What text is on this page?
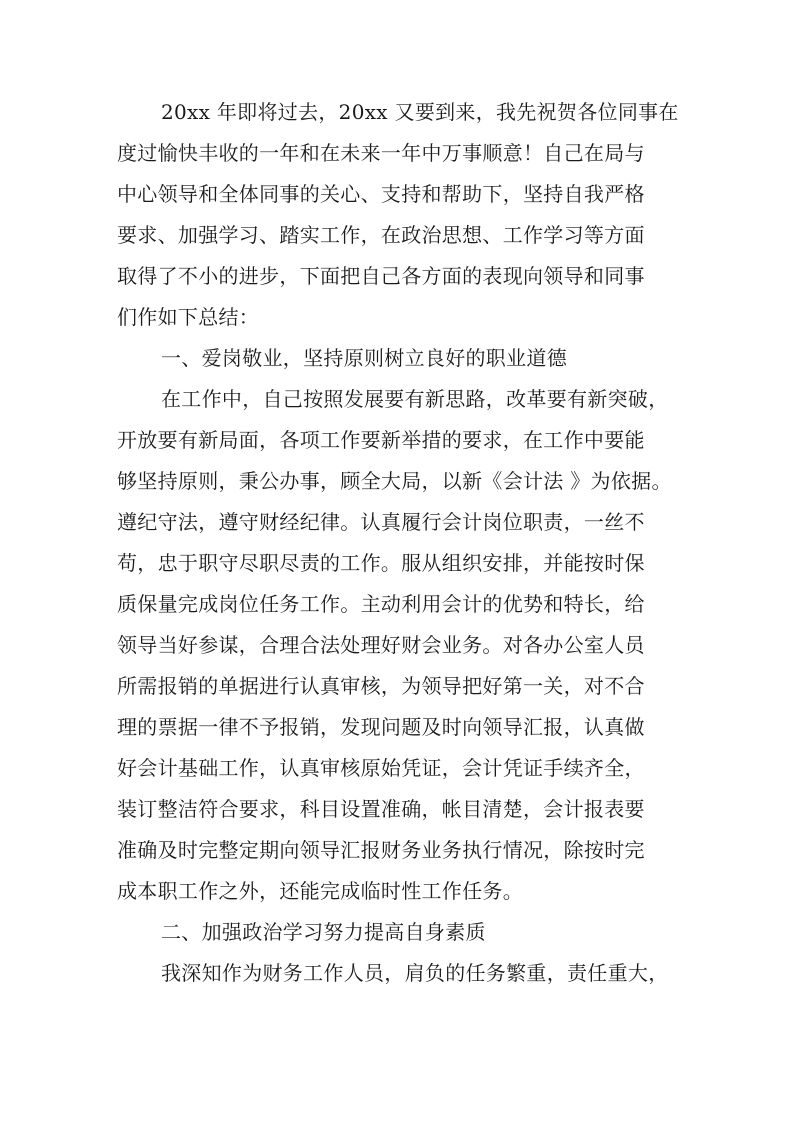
20xx 年即将过去，20xx 又要到来，我先祝贺各位同事在
度过愉快丰收的一年和在未来一年中万事顺意！自己在局与
中心领导和全体同事的关心、支持和帮助下，坚持自我严格
要求、加强学习、踏实工作，在政治思想、工作学习等方面
取得了不小的进步，下面把自己各方面的表现向领导和同事
们作如下总结：
一、爱岗敬业，坚持原则树立良好的职业道德
在工作中，自己按照发展要有新思路，改革要有新突破，
开放要有新局面，各项工作要新举措的要求，在工作中要能
够坚持原则，秉公办事，顾全大局，以新《会计法 》为依据。
遵纪守法，遵守财经纪律。认真履行会计岗位职责，一丝不
苟，忠于职守尽职尽责的工作。服从组织安排，并能按时保
质保量完成岗位任务工作。主动利用会计的优势和特长，给
领导当好参谋，合理合法处理好财会业务。对各办公室人员
所需报销的单据进行认真审核，为领导把好第一关，对不合
理的票据一律不予报销，发现问题及时向领导汇报，认真做
好会计基础工作，认真审核原始凭证，会计凭证手续齐全，
装订整洁符合要求，科目设置准确，帐目清楚，会计报表要
准确及时完整定期向领导汇报财务业务执行情况，除按时完
成本职工作之外，还能完成临时性工作任务。
二、加强政治学习努力提高自身素质
我深知作为财务工作人员，肩负的任务繁重，责任重大，
